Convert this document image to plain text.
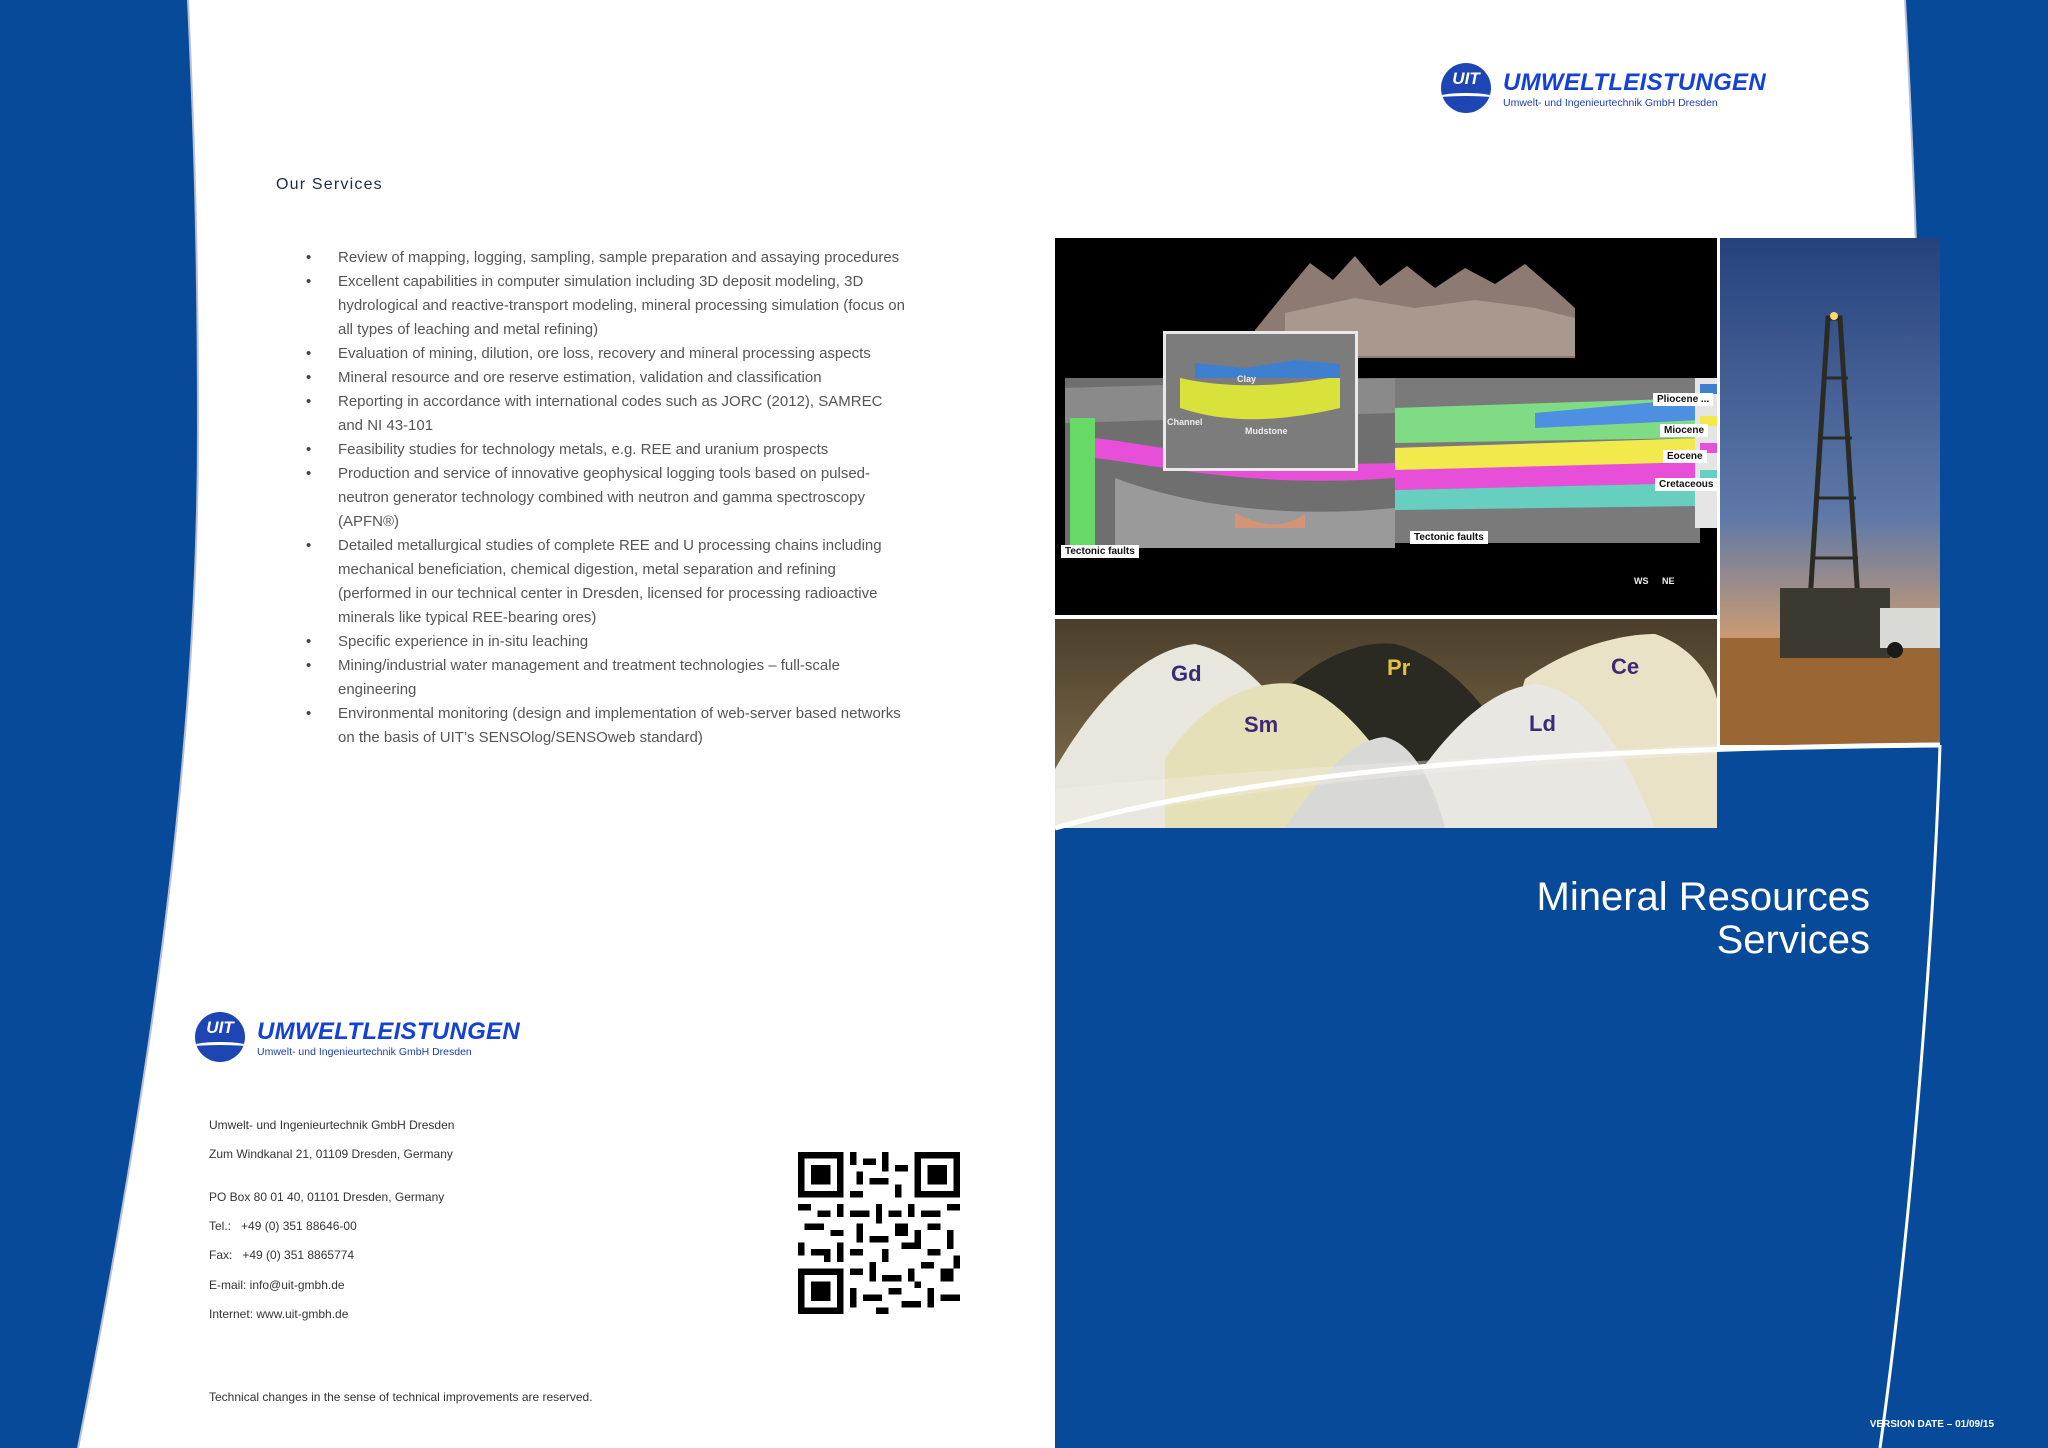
UIT UMWELTLEISTUNGEN
Umwelt- und Ingenieurtechnik GmbH Dresden
Our Services
• Review of mapping, logging, sampling, sample preparation and assaying procedures
• Excellent capabilities in computer simulation including 3D deposit modeling, 3D hydrological and reactive-transport modeling, mineral processing simulation (focus on all types of leaching and metal refining)
• Evaluation of mining, dilution, ore loss, recovery and mineral processing aspects
• Mineral resource and ore reserve estimation, validation and classification
• Reporting in accordance with international codes such as JORC (2012), SAMREC and NI 43-101
• Feasibility studies for technology metals, e.g. REE and uranium prospects
• Production and service of innovative geophysical logging tools based on pulsed-neutron generator technology combined with neutron and gamma spectroscopy (APFN®)
• Detailed metallurgical studies of complete REE and U processing chains including mechanical beneficiation, chemical digestion, metal separation and refining (performed in our technical center in Dresden, licensed for processing radioactive minerals like typical REE-bearing ores)
• Specific experience in in-situ leaching
• Mining/industrial water management and treatment technologies – full-scale engineering
• Environmental monitoring (design and implementation of web-server based networks on the basis of UIT’s SENSOlog/SENSOweb standard)
Clay
Channel
Mudstone
Pliocene ...
Miocene
Eocene
Cretaceous
Tectonic faults
Tectonic faults
WS	NE
Gd	Pr	Ce
Sm	Ld
Mineral Resources
Services
UIT UMWELTLEISTUNGEN
Umwelt- und Ingenieurtechnik GmbH Dresden
Umwelt- und Ingenieurtechnik GmbH Dresden
Zum Windkanal 21, 01109 Dresden, Germany
PO Box 80 01 40, 01101 Dresden, Germany
Tel.:   +49 (0) 351 88646-00
Fax:   +49 (0) 351 8865774
E-mail: info@uit-gmbh.de
Internet: www.uit-gmbh.de
Technical changes in the sense of technical improvements are reserved.
VERSION DATE – 01/09/15
